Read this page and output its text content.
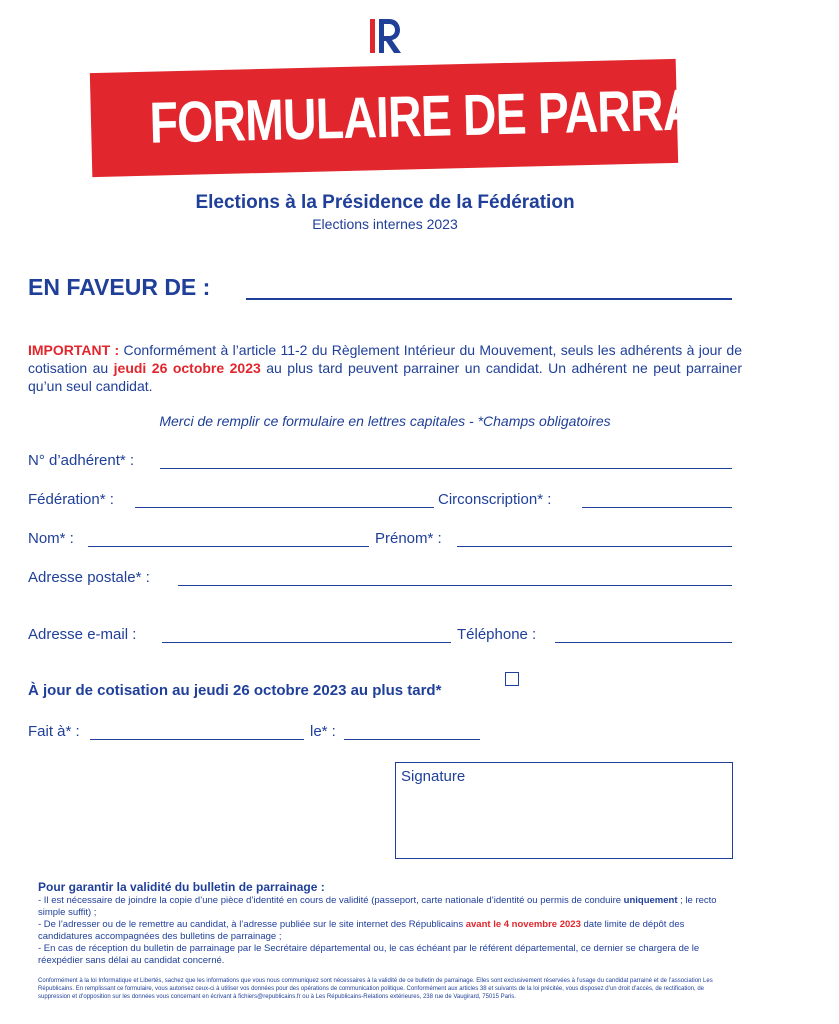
FORMULAIRE DE PARRAINAGE
Elections à la Présidence de la Fédération
Elections internes 2023
EN FAVEUR DE :
IMPORTANT : Conformément à l’article 11-2 du Règlement Intérieur du Mouvement, seuls les adhérents à jour de cotisation au jeudi 26 octobre 2023 au plus tard peuvent parrainer un candidat. Un adhérent ne peut parrainer qu’un seul candidat.
Merci de remplir ce formulaire en lettres capitales - *Champs obligatoires
N° d’adhérent* :
Fédération* :	Circonscription* :
Nom* :	Prénom* :
Adresse postale* :
Adresse e-mail :	Téléphone :
À jour de cotisation au jeudi 26 octobre 2023 au plus tard*
Fait à* :	le* :
Signature
Pour garantir la validité du bulletin de parrainage :
- Il est nécessaire de joindre la copie d’une pièce d’identité en cours de validité (passeport, carte nationale d’identité ou permis de conduire uniquement ; le recto simple suffit) ;
- De l’adresser ou de le remettre au candidat, à l’adresse publiée sur le site internet des Républicains avant le 4 novembre 2023 date limite de dépôt des candidatures accompagnées des bulletins de parrainage ;
- En cas de réception du bulletin de parrainage par le Secrétaire départemental ou, le cas échéant par le référent départemental, ce dernier se chargera de le réexpédier sans délai au candidat concerné.
Conformément à la loi Informatique et Libertés, sachez que les informations que vous nous communiquez sont nécessaires à la validité de ce bulletin de parrainage. Elles sont exclusivement réservées à l’usage du candidat parrainé et de l’association Les Républicains. En remplissant ce formulaire, vous autorisez ceux-ci à utiliser vos données pour des opérations de communication politique. Conformément aux articles 38 et suivants de la loi précitée, vous disposez d’un droit d’accès, de rectification, de suppression et d’opposition sur les données vous concernant en écrivant à fichiers@republicains.fr ou à Les Républicains-Relations extérieures, 238 rue de Vaugirard, 75015 Paris.
